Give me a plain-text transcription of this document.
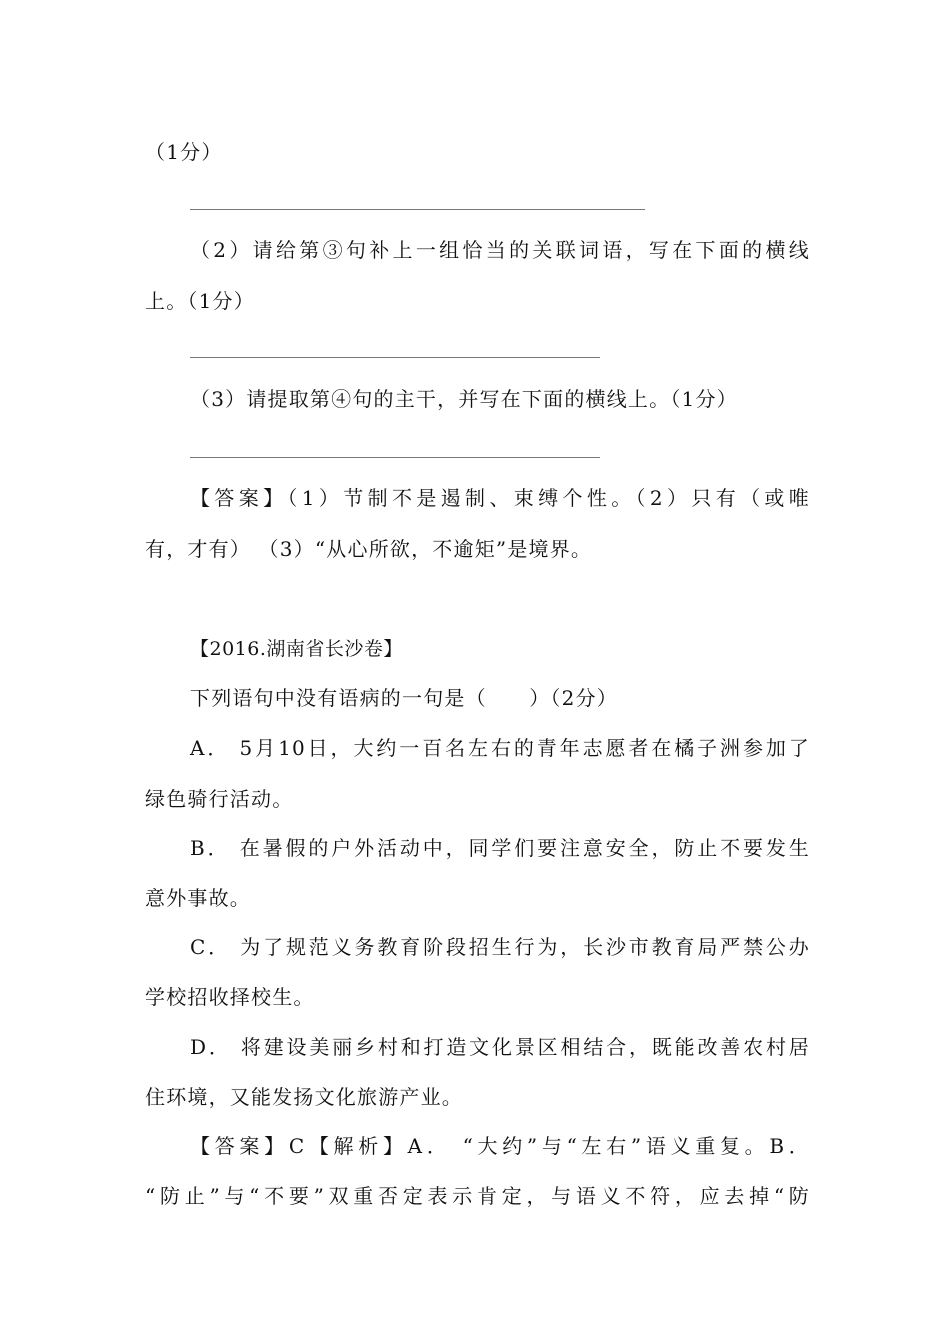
（1分）
（2）请给第③句补上一组恰当的关联词语，写在下面的横线
上。（1分）
（3）请提取第④句的主干，并写在下面的横线上。（1分）
【答案】（1）节制不是遏制、束缚个性。（2）只有（或唯
有，才有） （3）“从心所欲，不逾矩”是境界。
【2016.湖南省长沙卷】
下列语句中没有语病的一句是（　　）（2分）
A． 5月10日，大约一百名左右的青年志愿者在橘子洲参加了
绿色骑行活动。
B． 在暑假的户外活动中，同学们要注意安全，防止不要发生
意外事故。
C． 为了规范义务教育阶段招生行为，长沙市教育局严禁公办
学校招收择校生。
D． 将建设美丽乡村和打造文化景区相结合，既能改善农村居
住环境，又能发扬文化旅游产业。
【答案】C【解析】A． “大约”与“左右”语义重复。B．
“防止”与“不要”双重否定表示肯定，与语义不符，应去掉“防
